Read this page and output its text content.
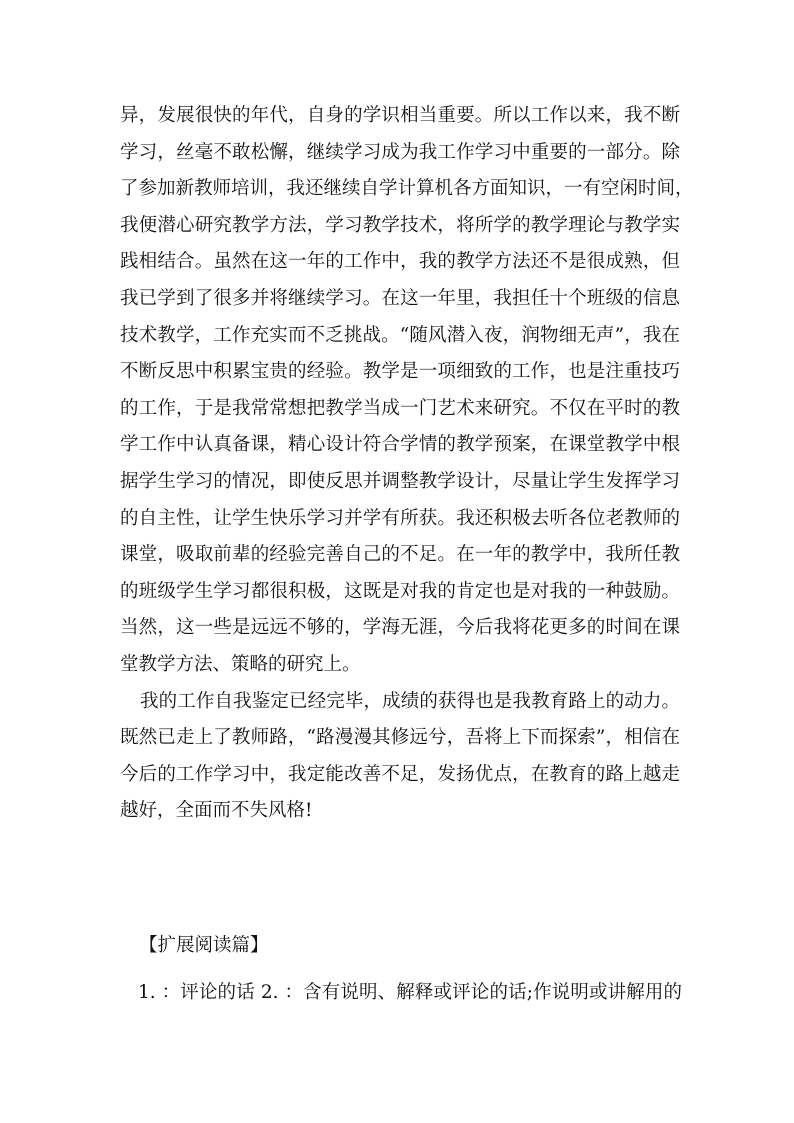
异，发展很快的年代，自身的学识相当重要。所以工作以来，我不断
学习，丝毫不敢松懈，继续学习成为我工作学习中重要的一部分。除
了参加新教师培训，我还继续自学计算机各方面知识，一有空闲时间，
我便潜心研究教学方法，学习教学技术，将所学的教学理论与教学实
践相结合。虽然在这一年的工作中，我的教学方法还不是很成熟，但
我已学到了很多并将继续学习。在这一年里，我担任十个班级的信息
技术教学，工作充实而不乏挑战。“随风潜入夜，润物细无声”，我在
不断反思中积累宝贵的经验。教学是一项细致的工作，也是注重技巧
的工作，于是我常常想把教学当成一门艺术来研究。不仅在平时的教
学工作中认真备课，精心设计符合学情的教学预案，在课堂教学中根
据学生学习的情况，即使反思并调整教学设计，尽量让学生发挥学习
的自主性，让学生快乐学习并学有所获。我还积极去听各位老教师的
课堂，吸取前辈的经验完善自己的不足。在一年的教学中，我所任教
的班级学生学习都很积极，这既是对我的肯定也是对我的一种鼓励。
当然，这一些是远远不够的，学海无涯，今后我将花更多的时间在课
堂教学方法、策略的研究上。
我的工作自我鉴定已经完毕，成绩的获得也是我教育路上的动力。
既然已走上了教师路，“路漫漫其修远兮，吾将上下而探索”，相信在
今后的工作学习中，我定能改善不足，发扬优点，在教育的路上越走
越好，全面而不失风格!
【扩展阅读篇】
1. ：评论的话 2. ：含有说明、解释或评论的话;作说明或讲解用的
